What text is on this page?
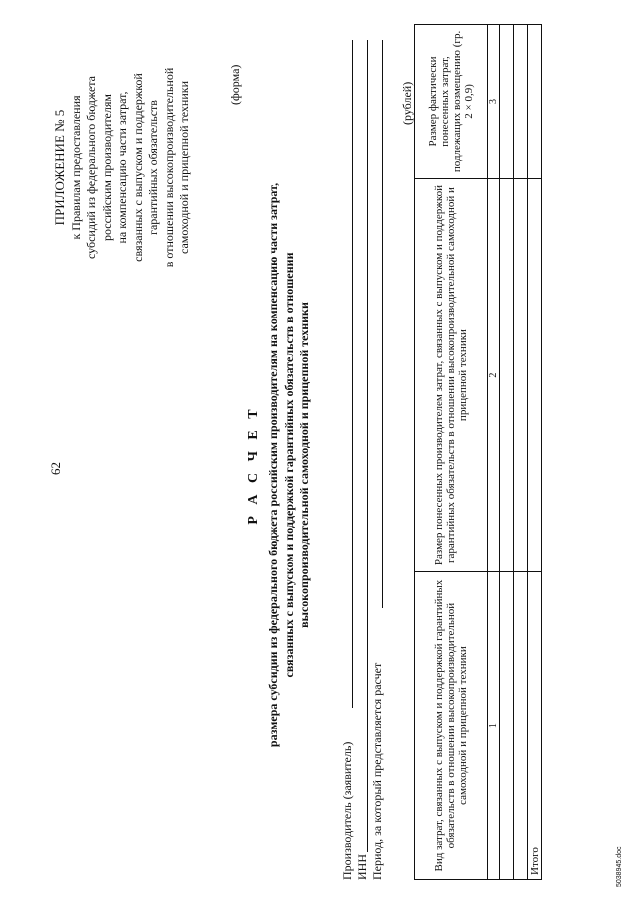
62
ПРИЛОЖЕНИЕ № 5 к Правилам предоставления субсидий из федерального бюджета российским производителям на компенсацию части затрат, связанных с выпуском и поддержкой гарантийных обязательств в отношении высокопроизводительной самоходной и прицепной техники	(форма)
Р А С Ч Е Т размера субсидии из федерального бюджета российским производителям на компенсацию части затрат, связанных с выпуском и поддержкой гарантийных обязательств в отношении высокопроизводительной самоходной и прицепной техники
Производитель (заявитель) ИНН Период, за который представляется расчет
(рублей)
Вид затрат, связанных с выпуском и поддержкой гарантийных обязательств в отношении высокопроизводительной самоходной и прицепной техники	Размер понесенных производителем затрат, связанных с выпуском и поддержкой гарантийных обязательств в отношении высокопроизводительной самоходной и прицепной техники	Размер фактически понесенных затрат, подлежащих возмещению (гр. 2 × 0,9)
1	2	3

Итого			5038945.doc
